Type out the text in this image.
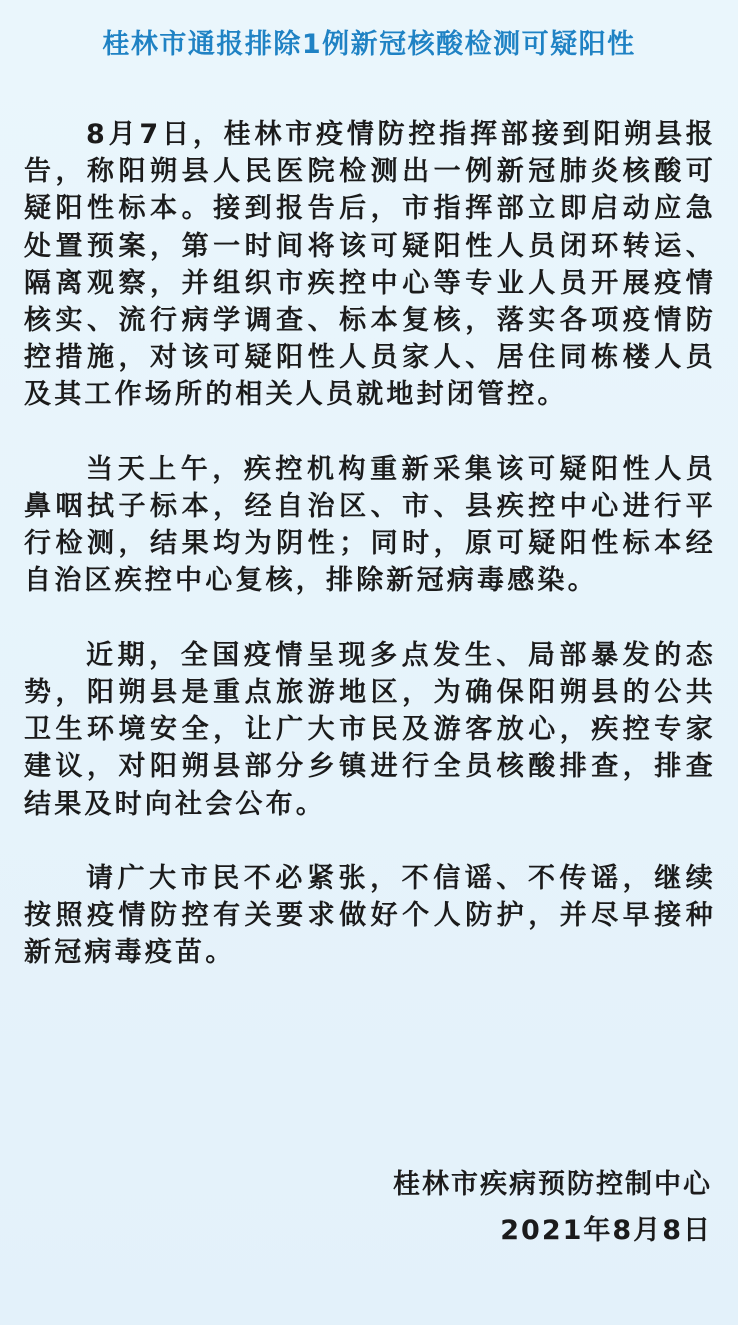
桂林市通报排除1例新冠核酸检测可疑阳性

8月7日，桂林市疫情防控指挥部接到阳朔县报告，称阳朔县人民医院检测出一例新冠肺炎核酸可疑阳性标本。接到报告后，市指挥部立即启动应急处置预案，第一时间将该可疑阳性人员闭环转运、隔离观察，并组织市疾控中心等专业人员开展疫情核实、流行病学调查、标本复核，落实各项疫情防控措施，对该可疑阳性人员家人、居住同栋楼人员及其工作场所的相关人员就地封闭管控。

当天上午，疾控机构重新采集该可疑阳性人员鼻咽拭子标本，经自治区、市、县疾控中心进行平行检测，结果均为阴性；同时，原可疑阳性标本经自治区疾控中心复核，排除新冠病毒感染。

近期，全国疫情呈现多点发生、局部暴发的态势，阳朔县是重点旅游地区，为确保阳朔县的公共卫生环境安全，让广大市民及游客放心，疾控专家建议，对阳朔县部分乡镇进行全员核酸排查，排查结果及时向社会公布。

请广大市民不必紧张，不信谣、不传谣，继续按照疫情防控有关要求做好个人防护，并尽早接种新冠病毒疫苗。

桂林市疾病预防控制中心
2021年8月8日
